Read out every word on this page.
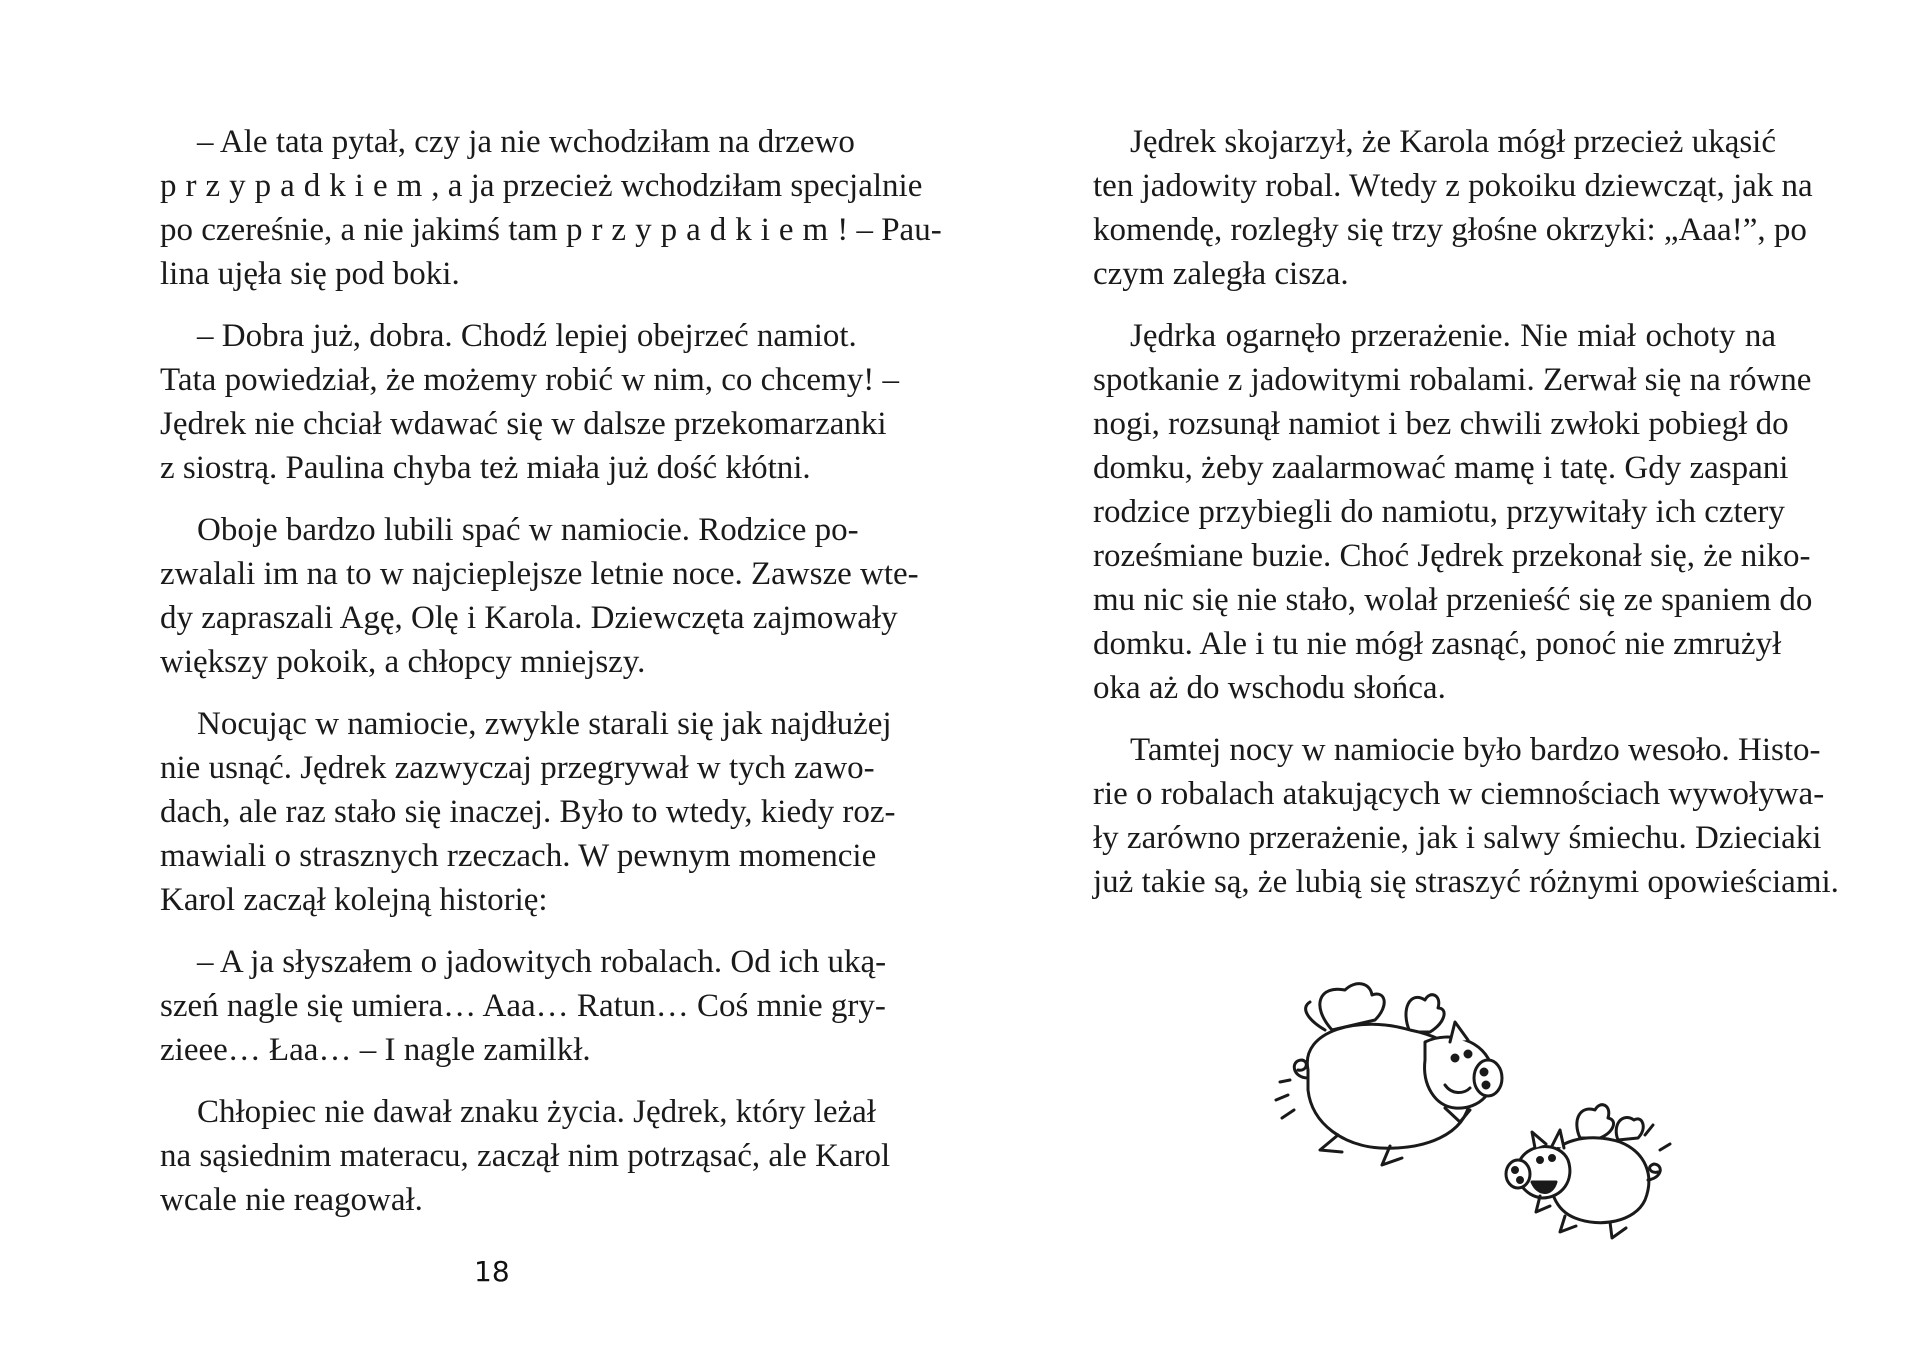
– Ale tata pytał, czy ja nie wchodziłam na drzewo
przypadkiem, a ja przecież wchodziłam specjalnie
po czereśnie, a nie jakimś tam przypadkiem! – Pau-
lina ujęła się pod boki.
– Dobra już, dobra. Chodź lepiej obejrzeć namiot.
Tata powiedział, że możemy robić w nim, co chcemy! –
Jędrek nie chciał wdawać się w dalsze przekomarzanki
z siostrą. Paulina chyba też miała już dość kłótni.
Oboje bardzo lubili spać w namiocie. Rodzice po-
zwalali im na to w najcieplejsze letnie noce. Zawsze wte-
dy zapraszali Agę, Olę i Karola. Dziewczęta zajmowały
większy pokoik, a chłopcy mniejszy.
Nocując w namiocie, zwykle starali się jak najdłużej
nie usnąć. Jędrek zazwyczaj przegrywał w tych zawo-
dach, ale raz stało się inaczej. Było to wtedy, kiedy roz-
mawiali o strasznych rzeczach. W pewnym momencie
Karol zaczął kolejną historię:
– A ja słyszałem o jadowitych robalach. Od ich uką-
szeń nagle się umiera… Aaa… Ratun… Coś mnie gry-
zieee… Łaa… – I nagle zamilkł.
Chłopiec nie dawał znaku życia. Jędrek, który leżał
na sąsiednim materacu, zaczął nim potrząsać, ale Karol
wcale nie reagował.
18
Jędrek skojarzył, że Karola mógł przecież ukąsić
ten jadowity robal. Wtedy z pokoiku dziewcząt, jak na
komendę, rozległy się trzy głośne okrzyki: „Aaa!”, po
czym zaległa cisza.
Jędrka ogarnęło przerażenie. Nie miał ochoty na
spotkanie z jadowitymi robalami. Zerwał się na równe
nogi, rozsunął namiot i bez chwili zwłoki pobiegł do
domku, żeby zaalarmować mamę i tatę. Gdy zaspani
rodzice przybiegli do namiotu, przywitały ich cztery
roześmiane buzie. Choć Jędrek przekonał się, że niko-
mu nic się nie stało, wolał przenieść się ze spaniem do
domku. Ale i tu nie mógł zasnąć, ponoć nie zmrużył
oka aż do wschodu słońca.
Tamtej nocy w namiocie było bardzo wesoło. Histo-
rie o robalach atakujących w ciemnościach wywoływa-
ły zarówno przerażenie, jak i salwy śmiechu. Dzieciaki
już takie są, że lubią się straszyć różnymi opowieściami.
